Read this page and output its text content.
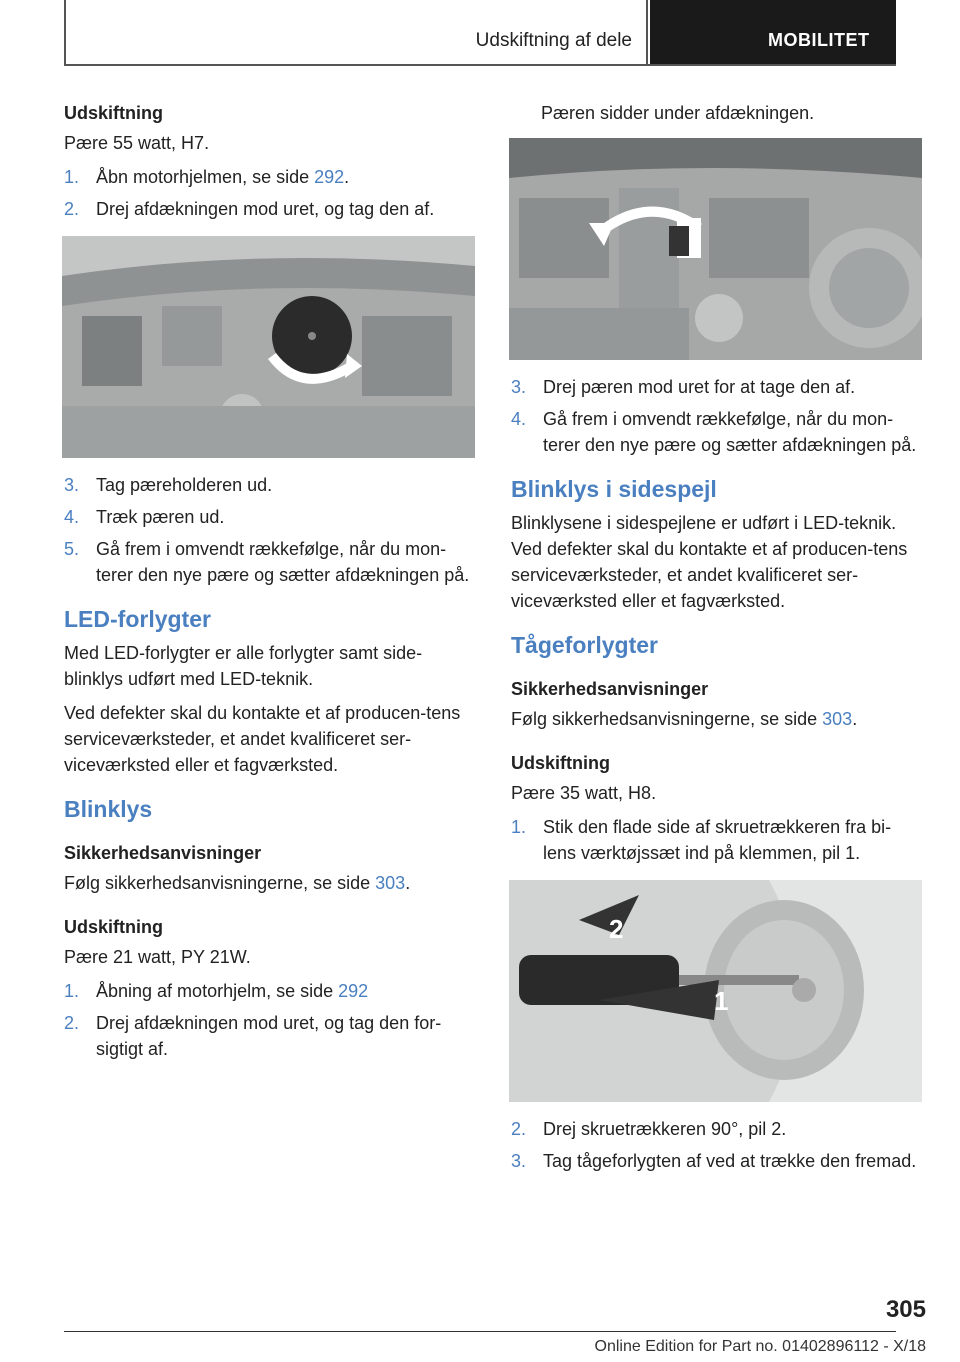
Udskiftning af dele	MOBILITET
Udskiftning

Pære 55 watt, H7.

1. Åbn motorhjelmen, se side 292.
2. Drej afdækningen mod uret, og tag den af.
3. Tag pæreholderen ud.
4. Træk pæren ud.
5. Gå frem i omvendt rækkefølge, når du mon‐terer den nye pære og sætter afdækningen på.
LED-forlygter

Med LED-forlygter er alle forlygter samt side‐blinklys udført med LED-teknik.

Ved defekter skal du kontakte et af producen‐tens serviceværksteder, et andet kvalificeret ser‐viceværksted eller et fagværksted.

Blinklys
Sikkerhedsanvisninger

Følg sikkerhedsanvisningerne, se side 303.

Udskiftning

Pære 21 watt, PY 21W.

1. Åbning af motorhjelm, se side 292
2. Drej afdækningen mod uret, og tag den for‐sigtigt af.

Pæren sidder under afdækningen.

3. Drej pæren mod uret for at tage den af.
4. Gå frem i omvendt rækkefølge, når du mon‐terer den nye pære og sætter afdækningen på.
Blinklys i sidespejl

Blinklysene i sidespejlene er udført i LED-teknik. Ved defekter skal du kontakte et af producen‐tens serviceværksteder, et andet kvalificeret ser‐viceværksted eller et fagværksted.

Tågeforlygter
Sikkerhedsanvisninger

Følg sikkerhedsanvisningerne, se side 303.

Udskiftning

Pære 35 watt, H8.

1. Stik den flade side af skruetrækkeren fra bi‐lens værktøjssæt ind på klemmen, pil 1.
2
1
2. Drej skruetrækkeren 90°, pil 2.
3. Tag tågeforlygten af ved at trække den fremad.
305
Online Edition for Part no. 01402896112 - X/18
